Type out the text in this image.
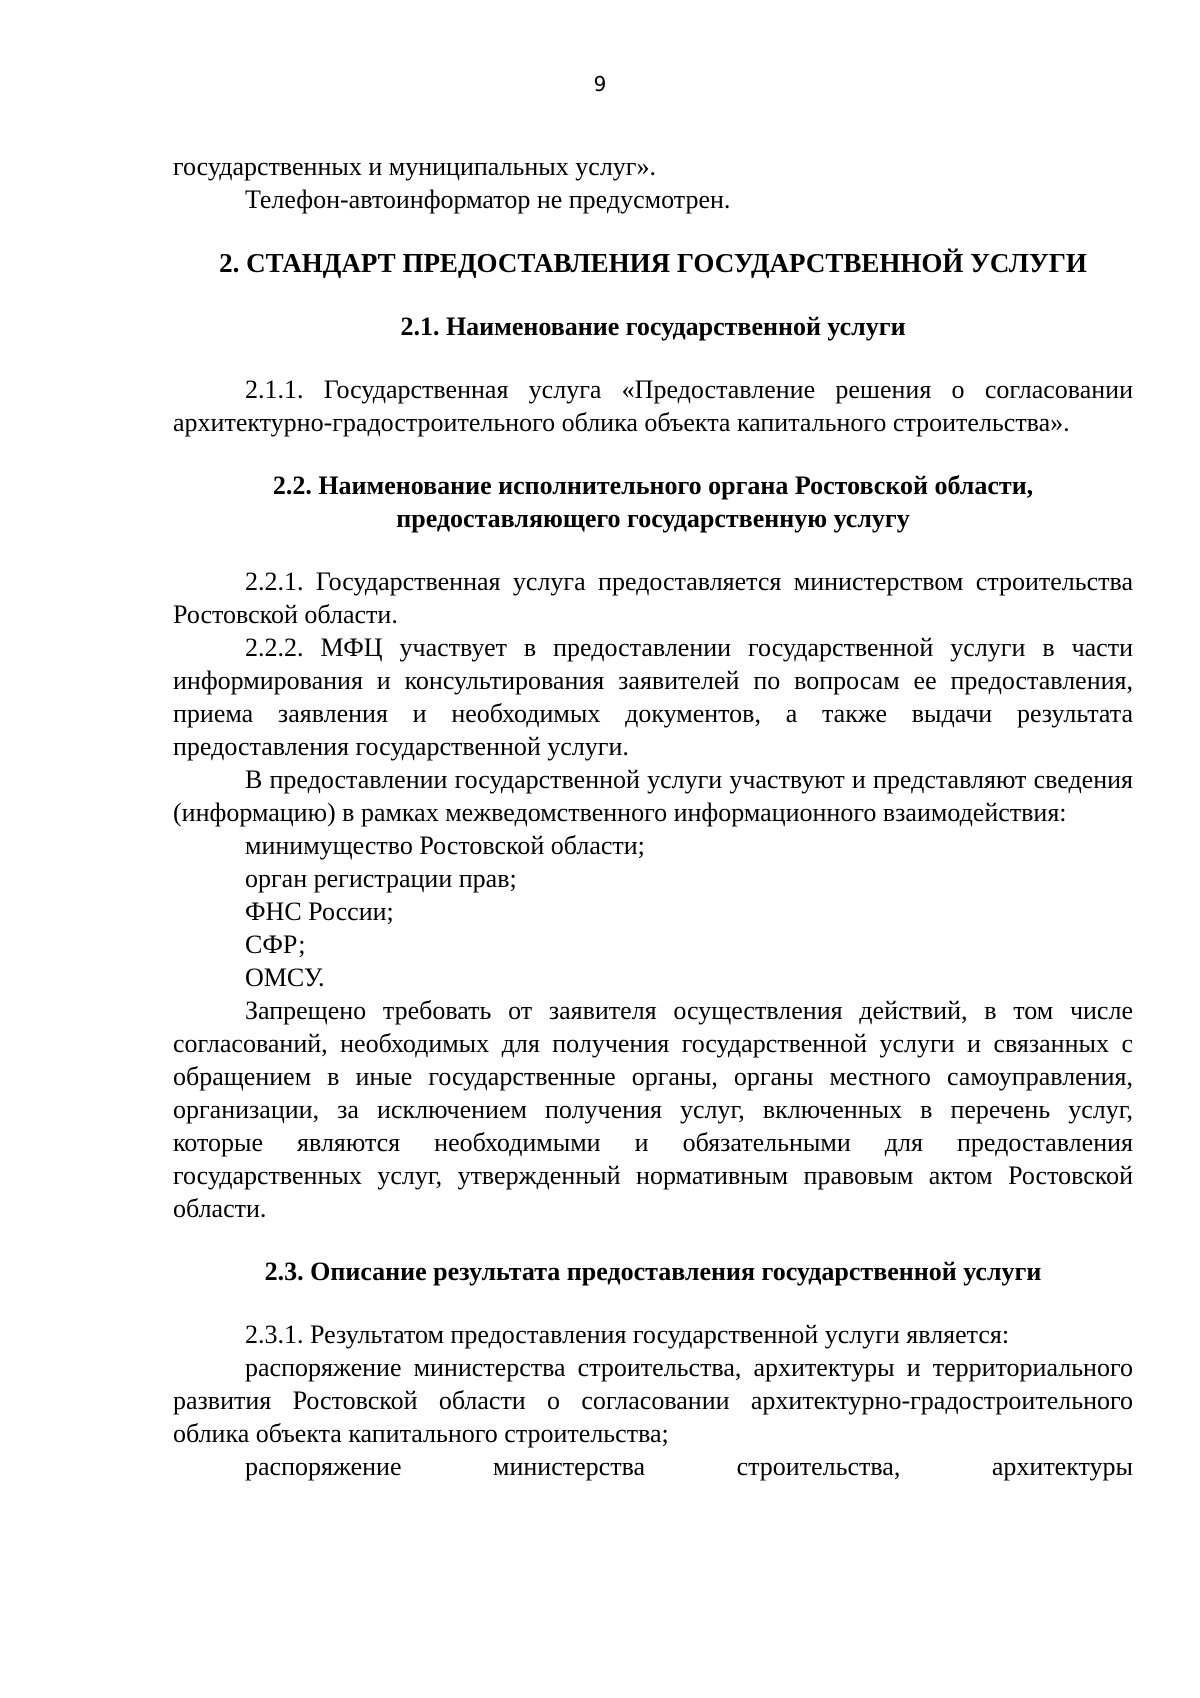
9

государственных и муниципальных услуг».

Телефон-автоинформатор не предусмотрен.

2. СТАНДАРТ ПРЕДОСТАВЛЕНИЯ ГОСУДАРСТВЕННОЙ УСЛУГИ
2.1. Наименование государственной услуги

2.1.1. Государственная услуга «Предоставление решения о согласовании архитектурно-градостроительного облика объекта капитального строительства».

2.2. Наименование исполнительного органа Ростовской области, предоставляющего государственную услугу

2.2.1. Государственная услуга предоставляется министерством строительства Ростовской области.

2.2.2. МФЦ участвует в предоставлении государственной услуги в части информирования и консультирования заявителей по вопросам ее предоставления, приема заявления и необходимых документов, а также выдачи результата предоставления государственной услуги.

В предоставлении государственной услуги участвуют и представляют сведения (информацию) в рамках межведомственного информационного взаимодействия:

минимущество Ростовской области;

орган регистрации прав;

ФНС России;

СФР;

ОМСУ.

Запрещено требовать от заявителя осуществления действий, в том числе согласований, необходимых для получения государственной услуги и связанных с обращением в иные государственные органы, органы местного самоуправления, организации, за исключением получения услуг, включенных в перечень услуг, которые являются необходимыми и обязательными для предоставления государственных услуг, утвержденный нормативным правовым актом Ростовской области.

2.3. Описание результата предоставления государственной услуги

2.3.1. Результатом предоставления государственной услуги является:

распоряжение министерства строительства, архитектуры и территориального развития Ростовской области о согласовании архитектурно-градостроительного облика объекта капитального строительства;

распоряжение министерства строительства, архитектуры
